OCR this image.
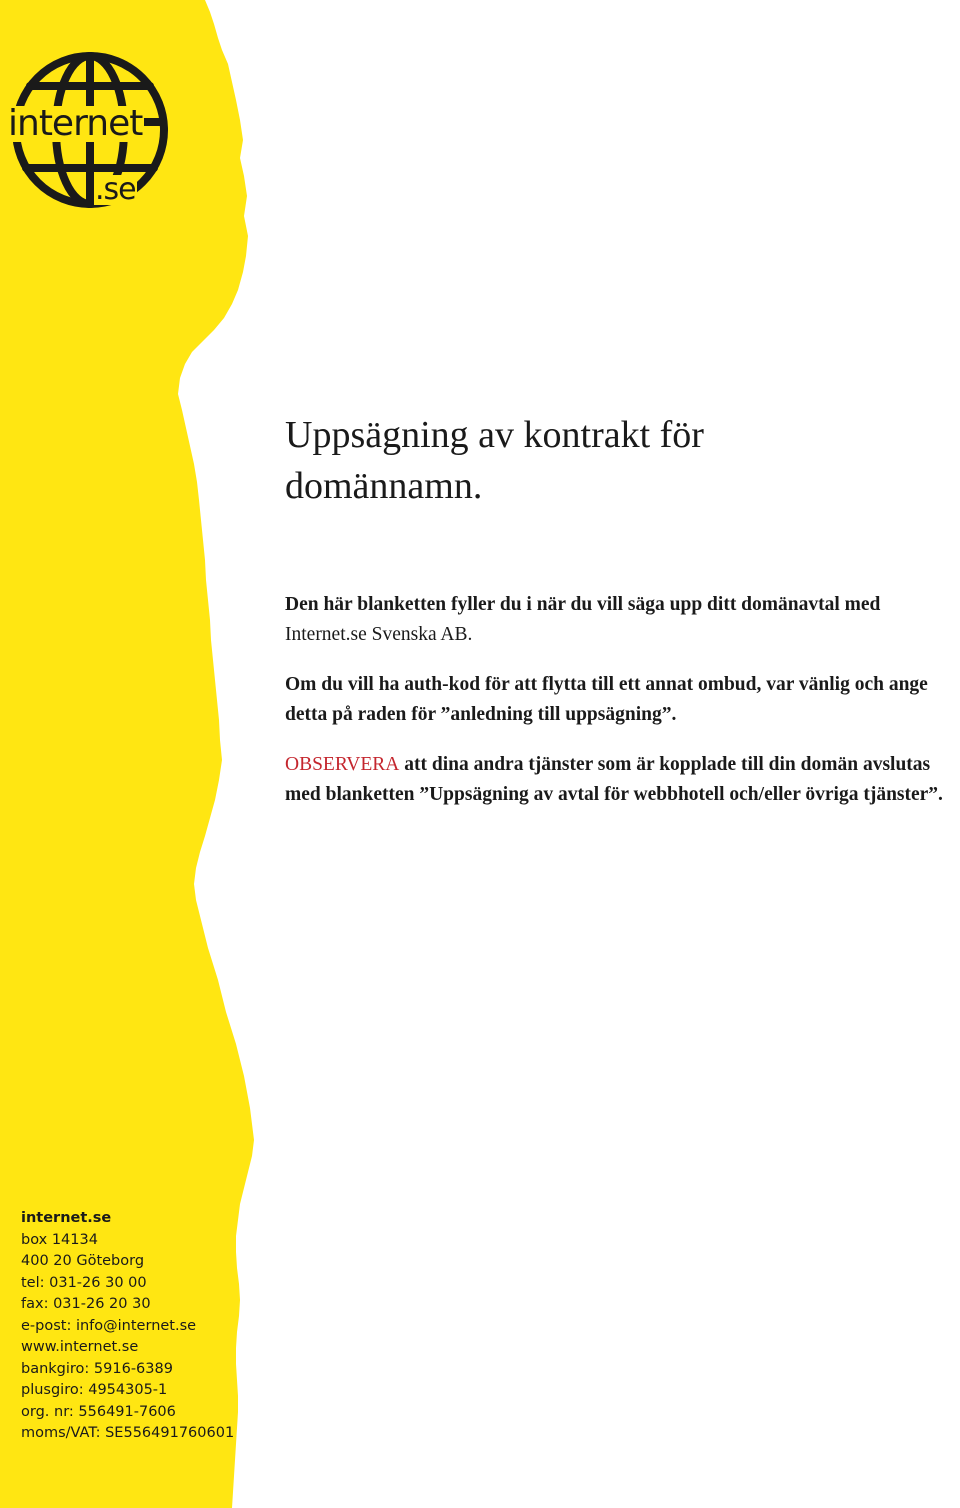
internet
.se
Uppsägning av kontrakt för
domännamn.

Den här blanketten fyller du i när du vill säga upp ditt domänavtal med Internet.se Svenska AB.

Om du vill ha auth-kod för att flytta till ett annat ombud, var vänlig och ange detta på raden för ”anledning till uppsägning”.

OBSERVERA att dina andra tjänster som är kopplade till din domän avslutas med blanketten ”Uppsägning av avtal för webbhotell och/eller övriga tjänster”.

internet.se
box 14134
400 20 Göteborg
tel: 031-26 30 00
fax: 031-26 20 30
e-post: info@internet.se
www.internet.se
bankgiro: 5916-6389
plusgiro: 4954305-1
org. nr: 556491-7606
moms/VAT: SE556491760601
